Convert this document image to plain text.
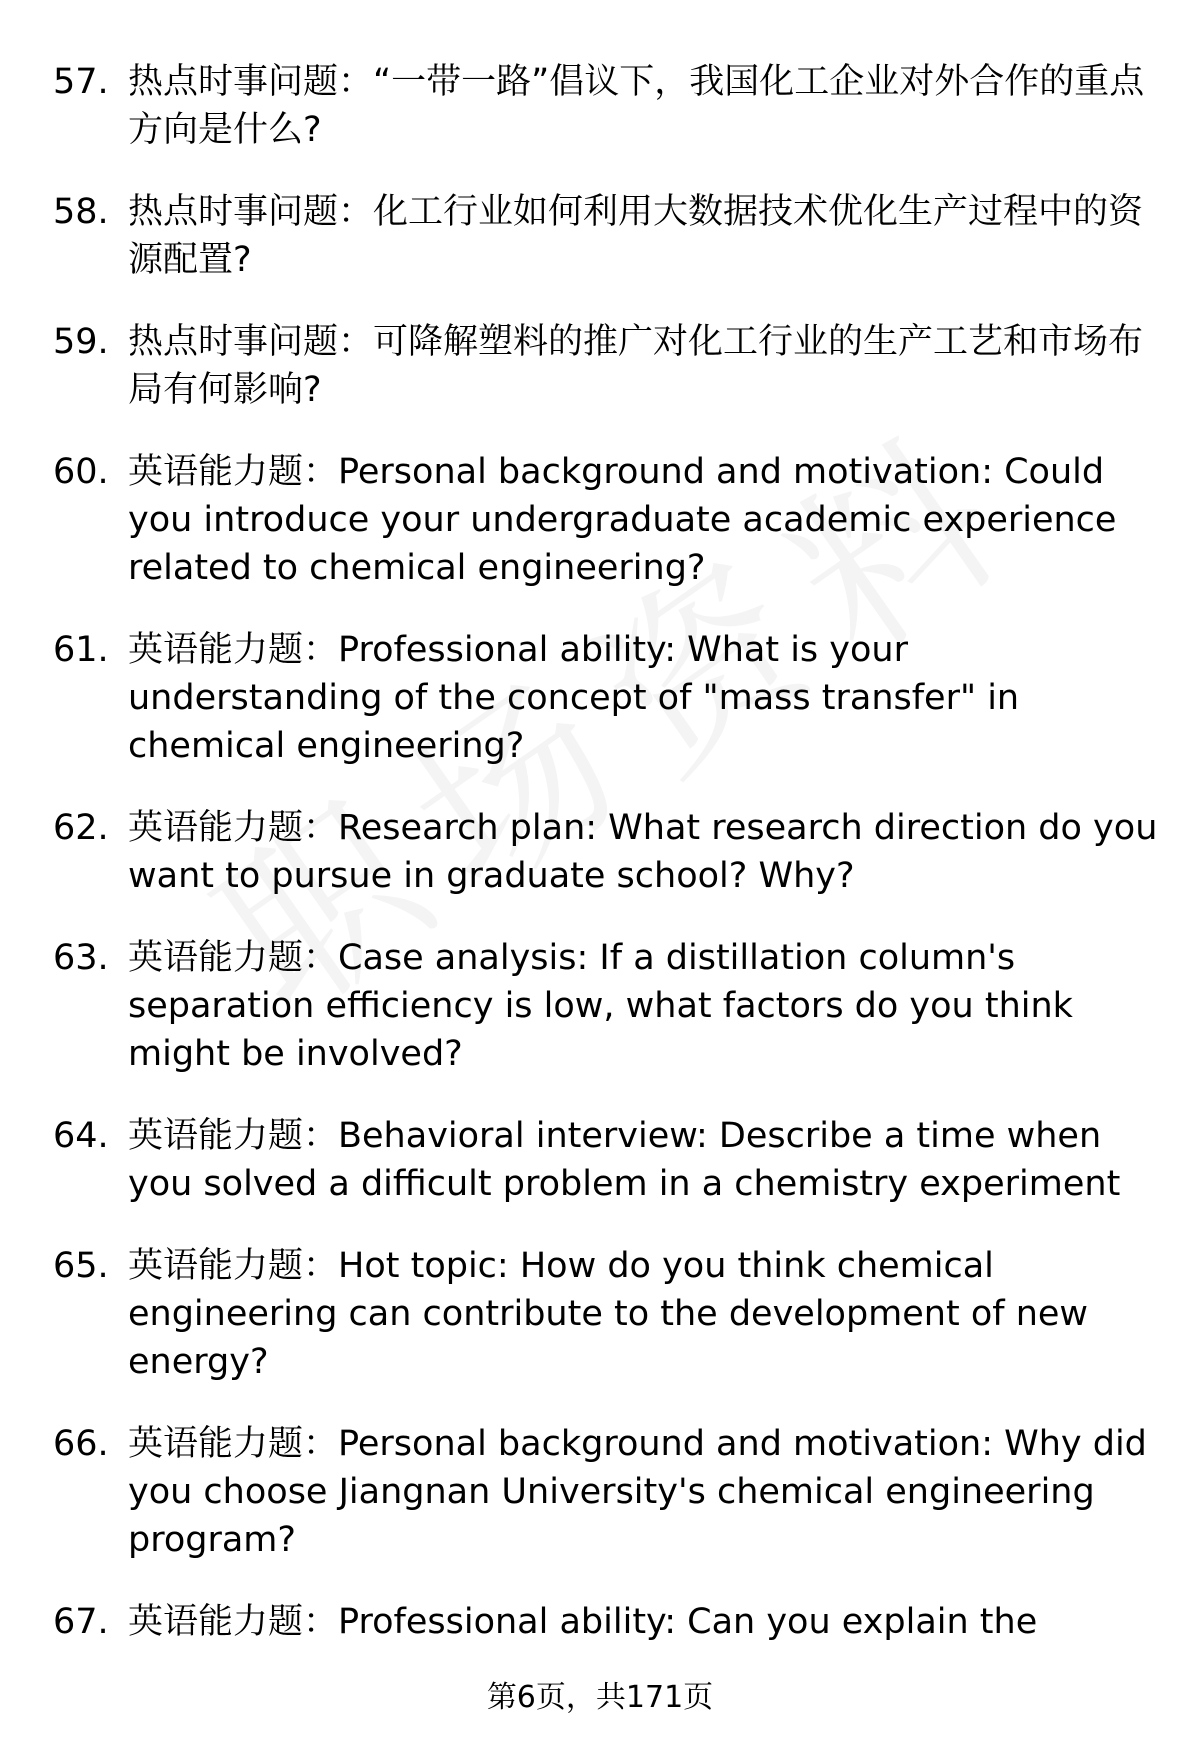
57. 热点时事问题：“一带一路”倡议下，我国化工企业对外合作的重点方向是什么?
58. 热点时事问题：化工行业如何利用大数据技术优化生产过程中的资源配置?
59. 热点时事问题：可降解塑料的推广对化工行业的生产工艺和市场布局有何影响?
60. 英语能力题：Personal background and motivation: Could you introduce your undergraduate academic experience related to chemical engineering?
61. 英语能力题：Professional ability: What is your understanding of the concept of "mass transfer" in chemical engineering?
62. 英语能力题：Research plan: What research direction do you want to pursue in graduate school? Why?
63. 英语能力题：Case analysis: If a distillation column's separation efficiency is low, what factors do you think might be involved?
64. 英语能力题：Behavioral interview: Describe a time when you solved a difficult problem in a chemistry experiment
65. 英语能力题：Hot topic: How do you think chemical engineering can contribute to the development of new energy?
66. 英语能力题：Personal background and motivation: Why did you choose Jiangnan University's chemical engineering program?
67. 英语能力题：Professional ability: Can you explain the
第6页，共171页
